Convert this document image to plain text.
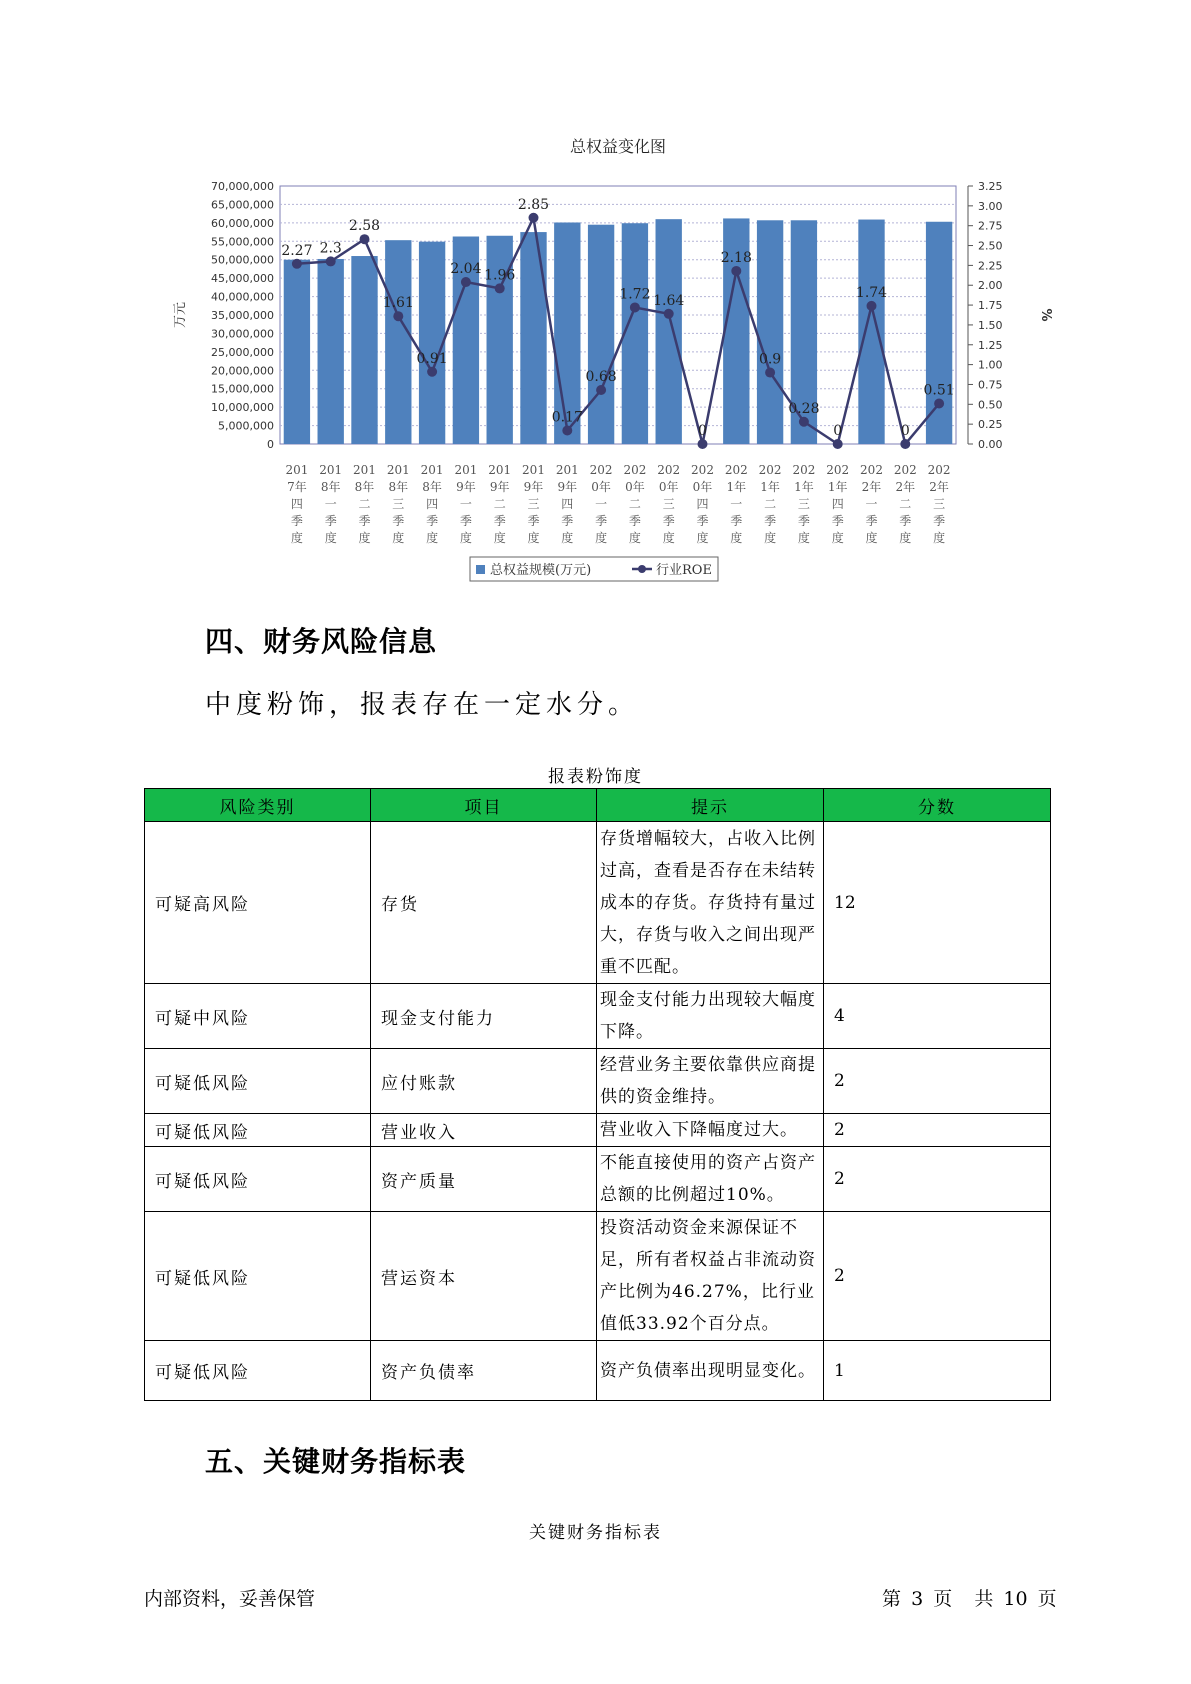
总权益变化图
70,000,000
65,000,000
60,000,000
55,000,000
50,000,000
45,000,000
40,000,000
35,000,000
30,000,000
25,000,000
20,000,000
15,000,000
10,000,000
5,000,000
0
3.25
3.00
2.75
2.50
2.25
2.00
1.75
1.50
1.25
1.00
0.75
0.50
0.25
0.00
万元	%
2.27 2.3
2.58
1.61
0.91
2.04 1.96
2.85
0.17
0.68
1.72 1.64
0
2.18
0.9
0.28
0
1.74
0
0.51
201
7年
四
季
度
201
8年
一
季
度
201
8年
二
季
度
201
8年
三
季
度
201
8年
四
季
度
201
9年
一
季
度
201
9年
二
季
度
201
9年
三
季
度
201
9年
四
季
度
202
0年
一
季
度
202
0年
二
季
度
202
0年
三
季
度
202
0年
四
季
度
202
1年
一
季
度
202
1年
二
季
度
202
1年
三
季
度
202
1年
四
季
度
202
2年
一
季
度
202
2年
二
季
度
202
2年
三
季
度
总权益规模(万元)	行业ROE
四、财务风险信息

中度粉饰，报表存在一定水分。

报表粉饰度
风险类别	项目	提示	分数
可疑高风险	存货	存货增幅较大，占收入比例过高，查看是否存在未结转成本的存货。存货持有量过大，存货与收入之间出现严重不匹配。	12
可疑中风险	现金支付能力	现金支付能力出现较大幅度下降。	4
可疑低风险	应付账款	经营业务主要依靠供应商提供的资金维持。	2
可疑低风险	营业收入	营业收入下降幅度过大。	2
可疑低风险	资产质量	不能直接使用的资产占资产总额的比例超过10%。	2
可疑低风险	营运资本	投资活动资金来源保证不足，所有者权益占非流动资产比例为46.27%，比行业值低33.92个百分点。	2
可疑低风险	资产负债率	资产负债率出现明显变化。	1
五、关键财务指标表
关键财务指标表
内部资料，妥善保管	第 3 页 共 10 页
